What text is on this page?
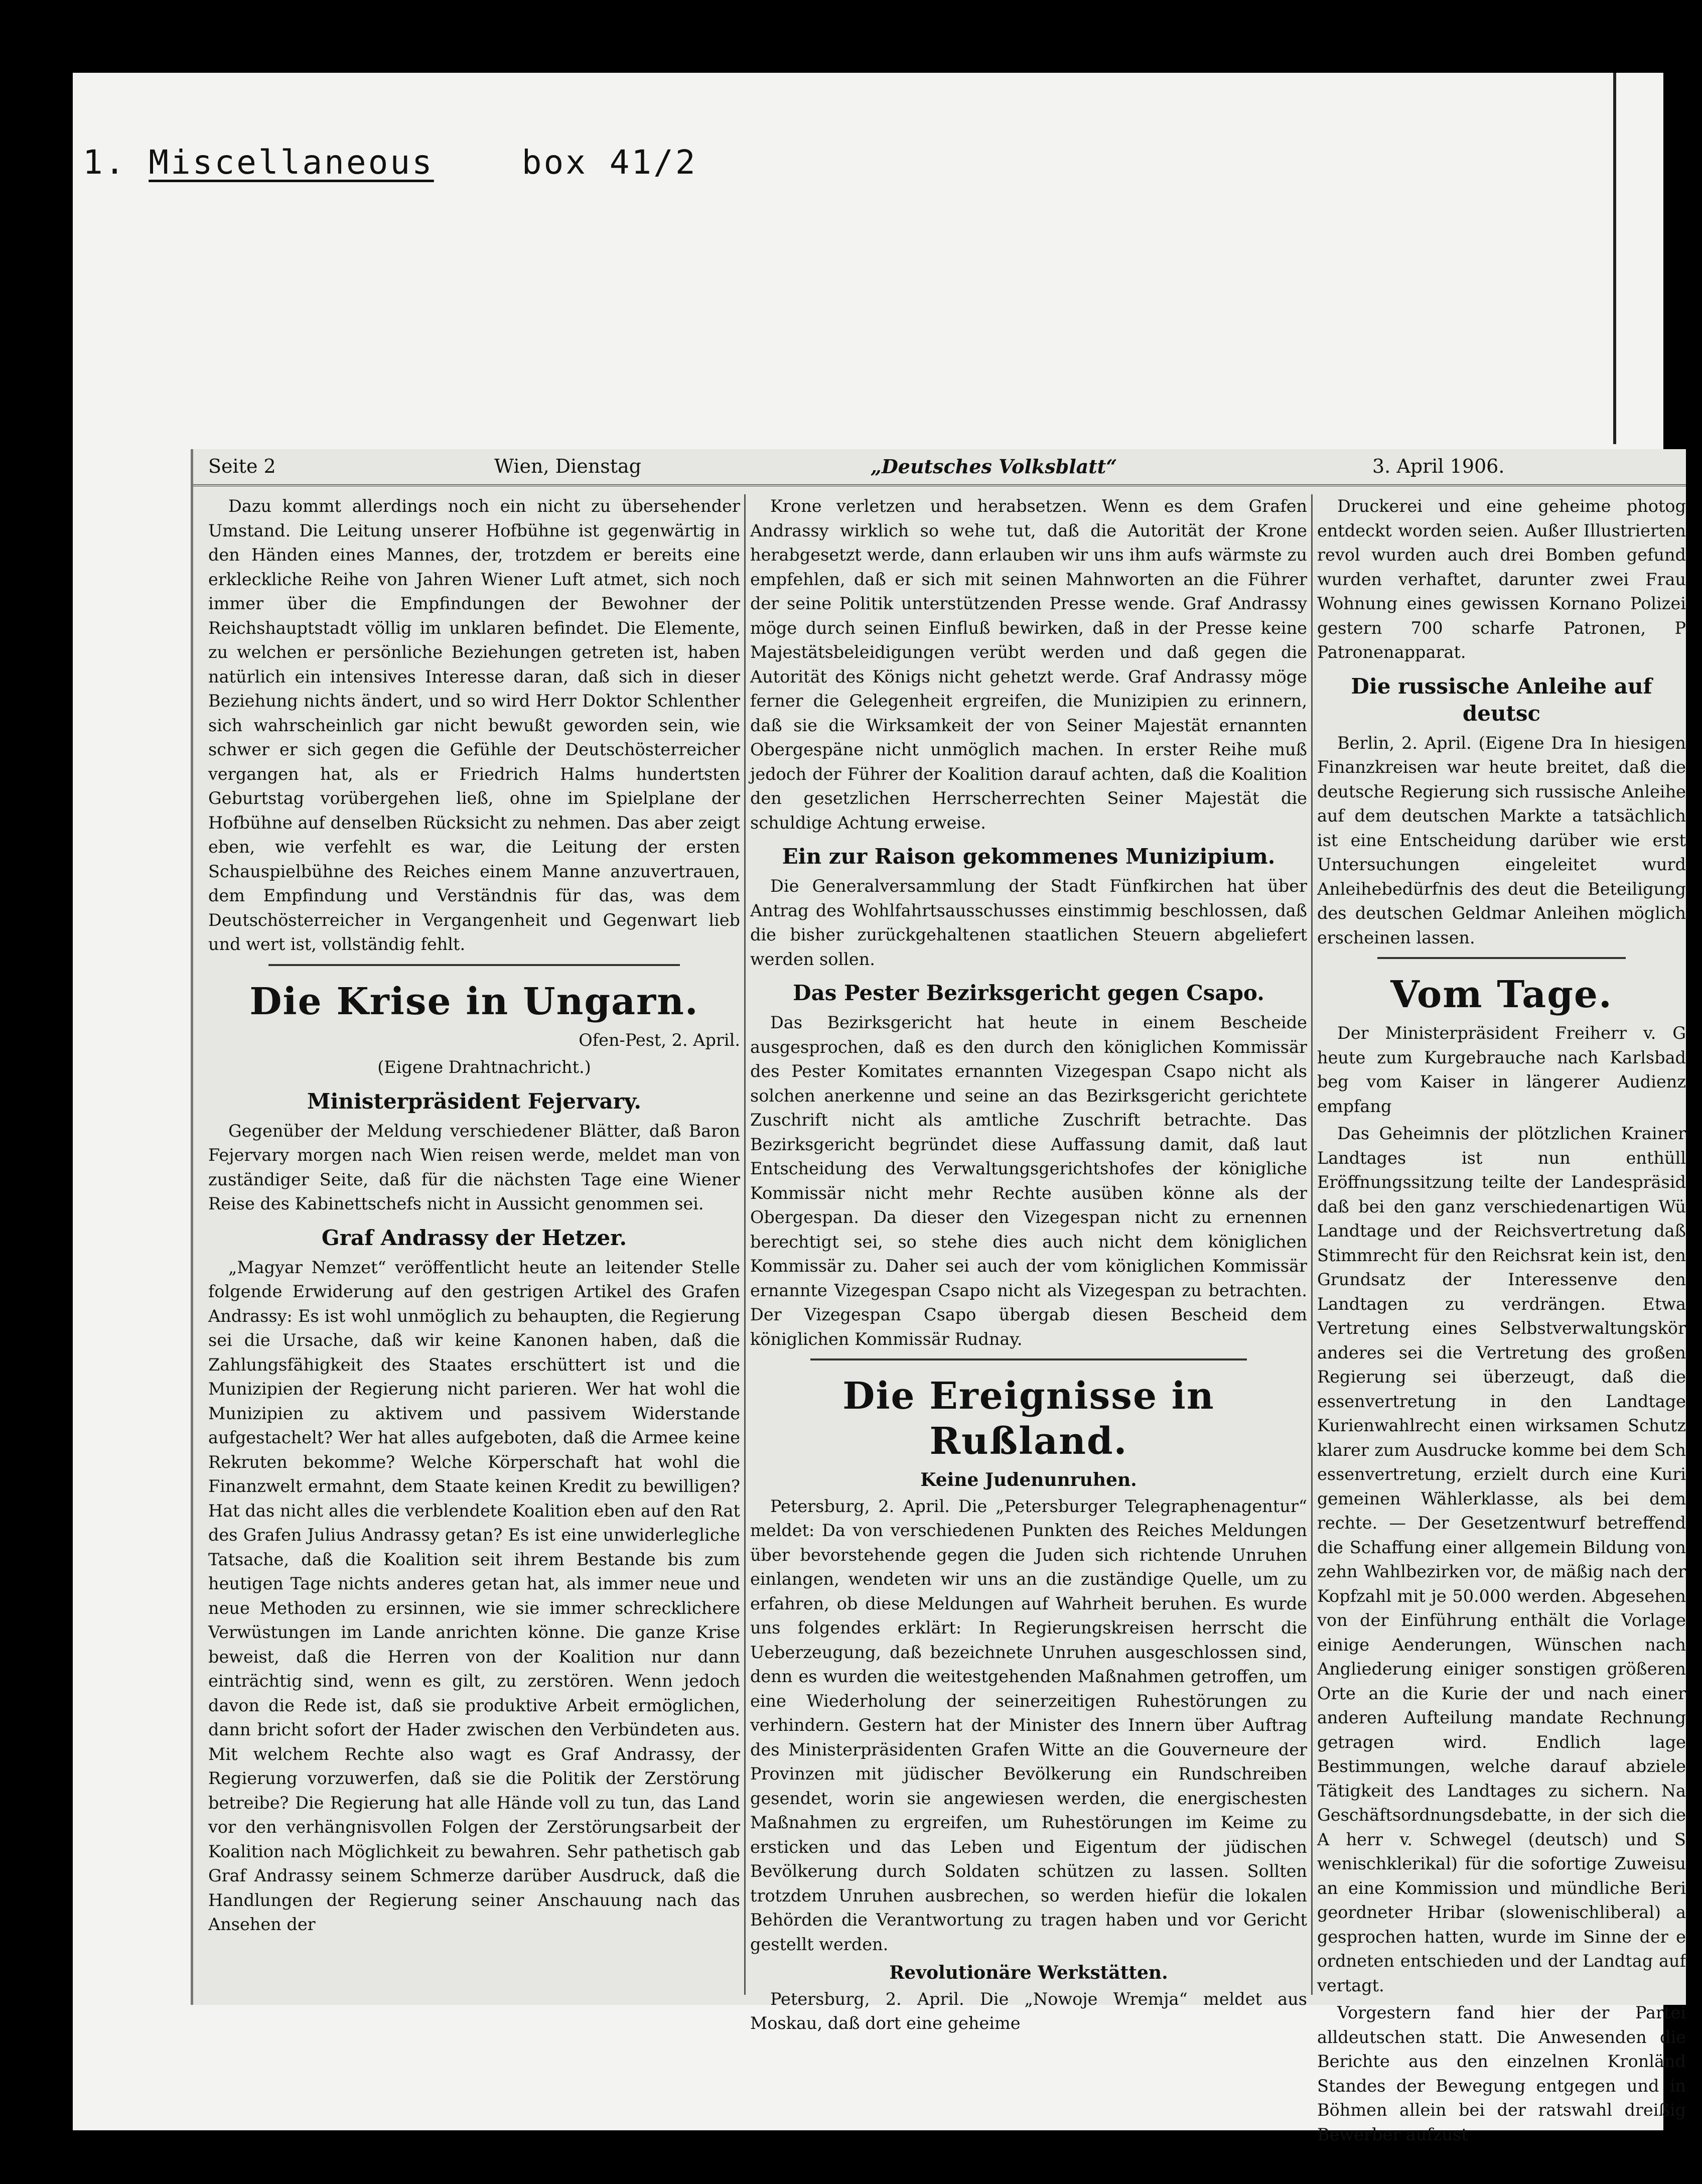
1. Miscellaneous	box 41/2
Seite 2	Wien, Dienstag	„Deutsches Volksblatt“	3. April 1906.

Dazu kommt allerdings noch ein nicht zu übersehender Umstand. Die Leitung unserer Hofbühne ist gegenwärtig in den Händen eines Mannes, der, trotzdem er bereits eine erkleckliche Reihe von Jahren Wiener Luft atmet, sich noch immer über die Empfindungen der Bewohner der Reichshauptstadt völlig im unklaren befindet. Die Elemente, zu welchen er persönliche Beziehungen getreten ist, haben natürlich ein intensives Interesse daran, daß sich in dieser Beziehung nichts ändert, und so wird Herr Doktor Schlenther sich wahrscheinlich gar nicht bewußt geworden sein, wie schwer er sich gegen die Gefühle der Deutschösterreicher vergangen hat, als er Friedrich Halms hundertsten Geburtstag vorübergehen ließ, ohne im Spielplane der Hofbühne auf denselben Rücksicht zu nehmen. Das aber zeigt eben, wie verfehlt es war, die Leitung der ersten Schauspielbühne des Reiches einem Manne anzuvertrauen, dem Empfindung und Verständnis für das, was dem Deutschösterreicher in Vergangenheit und Gegenwart lieb und wert ist, vollständig fehlt.

Die Krise in Ungarn.

Ofen-Pest, 2. April.

(Eigene Drahtnachricht.)

Ministerpräsident Fejervary.

Gegenüber der Meldung verschiedener Blätter, daß Baron Fejervary morgen nach Wien reisen werde, meldet man von zuständiger Seite, daß für die nächsten Tage eine Wiener Reise des Kabinettschefs nicht in Aussicht genommen sei.

Graf Andrassy der Hetzer.

„Magyar Nemzet“ veröffentlicht heute an leitender Stelle folgende Erwiderung auf den gestrigen Artikel des Grafen Andrassy: Es ist wohl unmöglich zu behaupten, die Regierung sei die Ursache, daß wir keine Kanonen haben, daß die Zahlungsfähigkeit des Staates erschüttert ist und die Munizipien der Regierung nicht parieren. Wer hat wohl die Munizipien zu aktivem und passivem Widerstande aufgestachelt? Wer hat alles aufgeboten, daß die Armee keine Rekruten bekomme? Welche Körperschaft hat wohl die Finanzwelt ermahnt, dem Staate keinen Kredit zu bewilligen? Hat das nicht alles die verblendete Koalition eben auf den Rat des Grafen Julius Andrassy getan? Es ist eine unwiderlegliche Tatsache, daß die Koalition seit ihrem Bestande bis zum heutigen Tage nichts anderes getan hat, als immer neue und neue Methoden zu ersinnen, wie sie immer schrecklichere Verwüstungen im Lande anrichten könne. Die ganze Krise beweist, daß die Herren von der Koalition nur dann einträchtig sind, wenn es gilt, zu zerstören. Wenn jedoch davon die Rede ist, daß sie produktive Arbeit ermöglichen, dann bricht sofort der Hader zwischen den Verbündeten aus. Mit welchem Rechte also wagt es Graf Andrassy, der Regierung vorzuwerfen, daß sie die Politik der Zerstörung betreibe? Die Regierung hat alle Hände voll zu tun, das Land vor den verhängnisvollen Folgen der Zerstörungsarbeit der Koalition nach Möglichkeit zu bewahren. Sehr pathetisch gab Graf Andrassy seinem Schmerze darüber Ausdruck, daß die Handlungen der Regierung seiner Anschauung nach das Ansehen der

Krone verletzen und herabsetzen. Wenn es dem Grafen Andrassy wirklich so wehe tut, daß die Autorität der Krone herabgesetzt werde, dann erlauben wir uns ihm aufs wärmste zu empfehlen, daß er sich mit seinen Mahnworten an die Führer der seine Politik unterstützenden Presse wende. Graf Andrassy möge durch seinen Einfluß bewirken, daß in der Presse keine Majestätsbeleidigungen verübt werden und daß gegen die Autorität des Königs nicht gehetzt werde. Graf Andrassy möge ferner die Gelegenheit ergreifen, die Munizipien zu erinnern, daß sie die Wirksamkeit der von Seiner Majestät ernannten Obergespäne nicht unmöglich machen. In erster Reihe muß jedoch der Führer der Koalition darauf achten, daß die Koalition den gesetzlichen Herrscherrechten Seiner Majestät die schuldige Achtung erweise.

Ein zur Raison gekommenes Munizipium.

Die Generalversammlung der Stadt Fünfkirchen hat über Antrag des Wohlfahrtsausschusses einstimmig beschlossen, daß die bisher zurückgehaltenen staatlichen Steuern abgeliefert werden sollen.

Das Pester Bezirksgericht gegen Csapo.

Das Bezirksgericht hat heute in einem Bescheide ausgesprochen, daß es den durch den königlichen Kommissär des Pester Komitates ernannten Vizegespan Csapo nicht als solchen anerkenne und seine an das Bezirksgericht gerichtete Zuschrift nicht als amtliche Zuschrift betrachte. Das Bezirksgericht begründet diese Auffassung damit, daß laut Entscheidung des Verwaltungsgerichtshofes der königliche Kommissär nicht mehr Rechte ausüben könne als der Obergespan. Da dieser den Vizegespan nicht zu ernennen berechtigt sei, so stehe dies auch nicht dem königlichen Kommissär zu. Daher sei auch der vom königlichen Kommissär ernannte Vizegespan Csapo nicht als Vizegespan zu betrachten. Der Vizegespan Csapo übergab diesen Bescheid dem königlichen Kommissär Rudnay.

Die Ereignisse in Rußland.
Keine Judenunruhen.

Petersburg, 2. April. Die „Petersburger Telegraphenagentur“ meldet: Da von verschiedenen Punkten des Reiches Meldungen über bevorstehende gegen die Juden sich richtende Unruhen einlangen, wendeten wir uns an die zuständige Quelle, um zu erfahren, ob diese Meldungen auf Wahrheit beruhen. Es wurde uns folgendes erklärt: In Regierungskreisen herrscht die Ueberzeugung, daß bezeichnete Unruhen ausgeschlossen sind, denn es wurden die weitestgehenden Maßnahmen getroffen, um eine Wiederholung der seinerzeitigen Ruhestörungen zu verhindern. Gestern hat der Minister des Innern über Auftrag des Ministerpräsidenten Grafen Witte an die Gouverneure der Provinzen mit jüdischer Bevölkerung ein Rundschreiben gesendet, worin sie angewiesen werden, die energischesten Maßnahmen zu ergreifen, um Ruhestörungen im Keime zu ersticken und das Leben und Eigentum der jüdischen Bevölkerung durch Soldaten schützen zu lassen. Sollten trotzdem Unruhen ausbrechen, so werden hiefür die lokalen Behörden die Verantwortung zu tragen haben und vor Gericht gestellt werden.

Revolutionäre Werkstätten.

Petersburg, 2. April. Die „Nowoje Wremja“ meldet aus Moskau, daß dort eine geheime

Druckerei und eine geheime photog entdeckt worden seien. Außer Illustrierten revol wurden auch drei Bomben gefund wurden verhaftet, darunter zwei Frau Wohnung eines gewissen Kornano Polizei gestern 700 scharfe Patronen, P Patronenapparat.

Die russische Anleihe auf deutsc

Berlin, 2. April. (Eigene Dra In hiesigen Finanzkreisen war heute breitet, daß die deutsche Regierung sich russische Anleihe auf dem deutschen Markte a tatsächlich ist eine Entscheidung darüber wie erst Untersuchungen eingeleitet wurd Anleihebedürfnis des deut die Beteiligung des deutschen Geldmar Anleihen möglich erscheinen lassen.

Vom Tage.

Der Ministerpräsident Freiherr v. G heute zum Kurgebrauche nach Karlsbad beg vom Kaiser in längerer Audienz empfang

Das Geheimnis der plötzlichen Krainer Landtages ist nun enthüll Eröffnungssitzung teilte der Landespräsid daß bei den ganz verschiedenartigen Wü Landtage und der Reichsvertretung daß Stimmrecht für den Reichsrat kein ist, den Grundsatz der Interessenve den Landtagen zu verdrängen. Etwa Vertretung eines Selbstverwaltungskör anderes sei die Vertretung des großen Regierung sei überzeugt, daß die essenvertretung in den Landtage Kurienwahlrecht einen wirksamen Schutz klarer zum Ausdrucke komme bei dem Sch essenvertretung, erzielt durch eine Kuri gemeinen Wählerklasse, als bei dem rechte. — Der Gesetzentwurf betreffend die Schaffung einer allgemein Bildung von zehn Wahlbezirken vor, de mäßig nach der Kopfzahl mit je 50.000 werden. Abgesehen von der Einführung enthält die Vorlage einige Aenderungen, Wünschen nach Angliederung einiger sonstigen größeren Orte an die Kurie der und nach einer anderen Aufteilung mandate Rechnung getragen wird. Endlich lage Bestimmungen, welche darauf abziele Tätigkeit des Landtages zu sichern. Na Geschäftsordnungsdebatte, in der sich die A herr v. Schwegel (deutsch) und S wenischklerikal) für die sofortige Zuweisu an eine Kommission und mündliche Beri geordneter Hribar (slowenischliberal) a gesprochen hatten, wurde im Sinne der e ordneten entschieden und der Landtag auf vertagt.

Vorgestern fand hier der Partei alldeutschen statt. Die Anwesenden die Berichte aus den einzelnen Kronländ Standes der Bewegung entgegen und in Böhmen allein bei der ratswahl dreißig Bewerber aufzust
